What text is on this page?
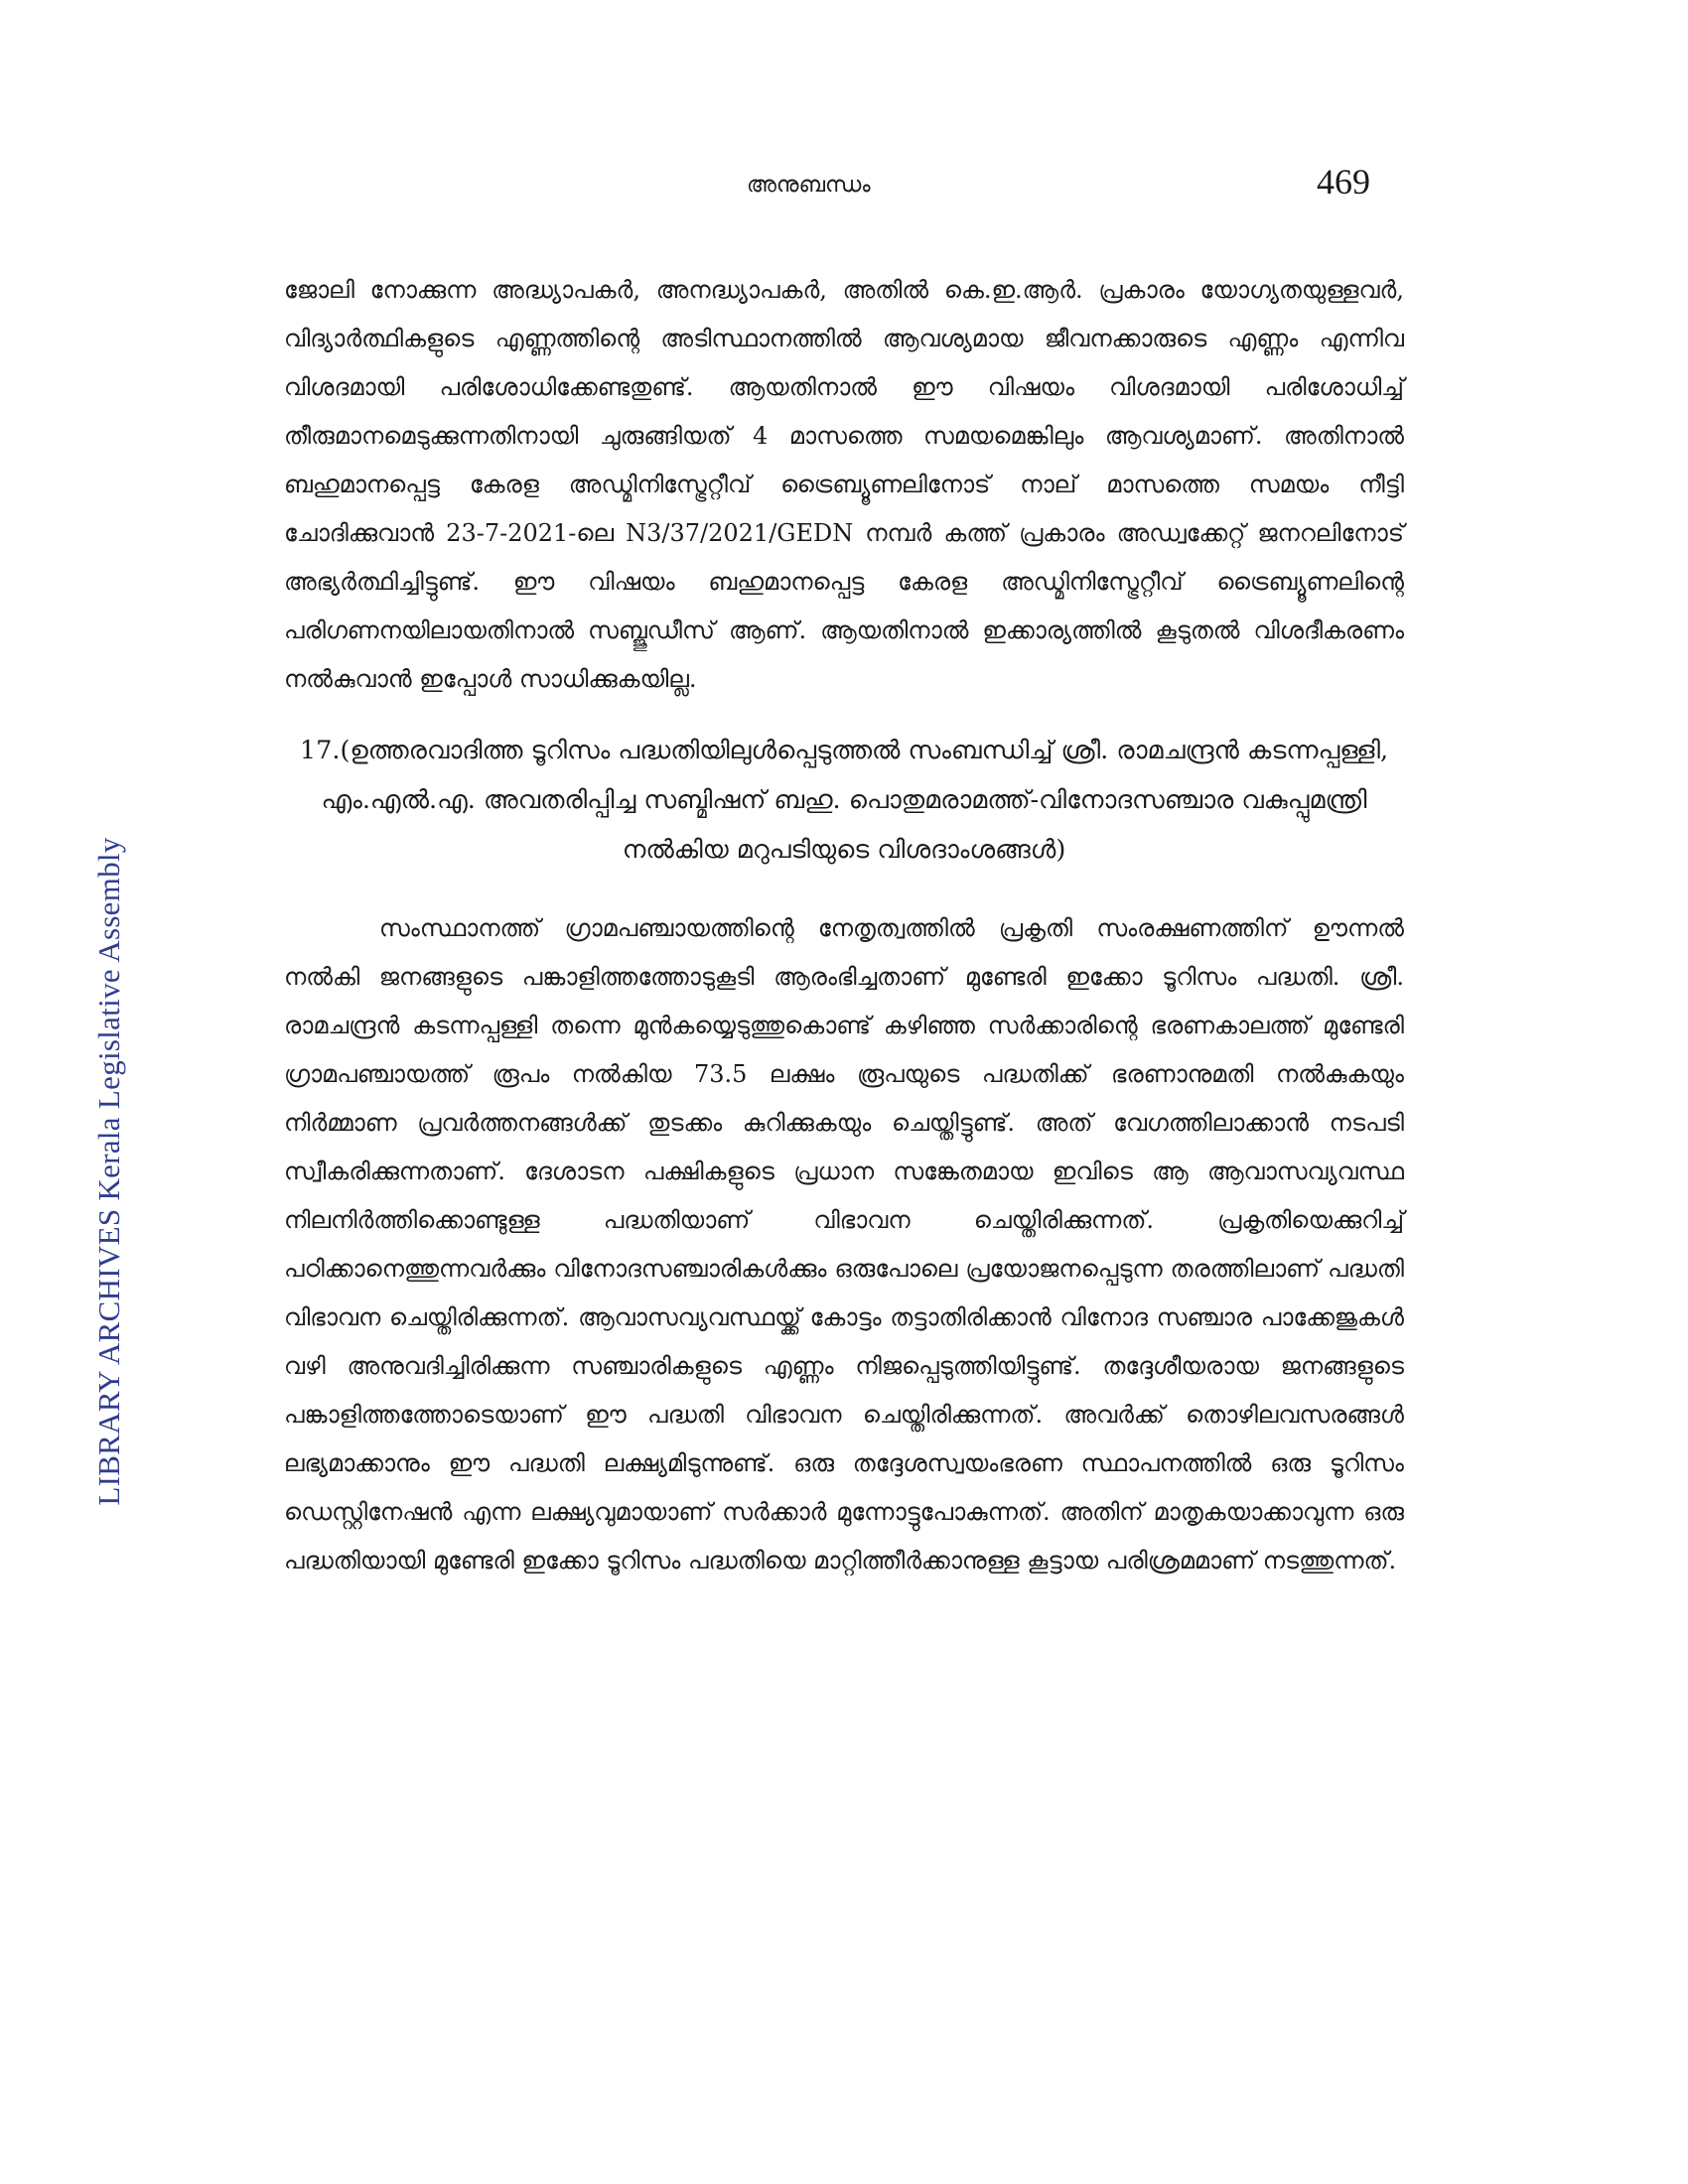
അനുബന്ധം	469
LIBRARY ARCHIVES Kerala Legislative Assembly

ജോലി നോക്കുന്ന അദ്ധ്യാപകർ, അനദ്ധ്യാപകർ, അതിൽ കെ.ഇ.ആർ. പ്രകാരം യോഗ്യതയുള്ളവർ, വിദ്യാർത്ഥികളുടെ എണ്ണത്തിന്റെ അടിസ്ഥാനത്തിൽ ആവശ്യമായ ജീവനക്കാരുടെ എണ്ണം എന്നിവ വിശദമായി പരിശോധിക്കേണ്ടതുണ്ട്. ആയതിനാൽ ഈ വിഷയം വിശദമായി പരിശോധിച്ച് തീരുമാനമെടുക്കുന്നതിനായി ചുരുങ്ങിയത് 4 മാസത്തെ സമയമെങ്കിലും ആവശ്യമാണ്. അതിനാൽ ബഹുമാനപ്പെട്ട കേരള അഡ്മിനിസ്ട്രേറ്റീവ് ട്രൈബ്യൂണലിനോട് നാല് മാസത്തെ സമയം നീട്ടി ചോദിക്കുവാൻ 23-7-2021-ലെ N3/37/2021/GEDN നമ്പർ കത്ത് പ്രകാരം അഡ്വക്കേറ്റ് ജനറലിനോട് അഭ്യർത്ഥിച്ചിട്ടുണ്ട്. ഈ വിഷയം ബഹുമാനപ്പെട്ട കേരള അഡ്മിനിസ്ട്രേറ്റീവ് ട്രൈബ്യൂണലിന്റെ പരിഗണനയിലായതിനാൽ സബ്ജുഡീസ് ആണ്. ആയതിനാൽ ഇക്കാര്യത്തിൽ കൂടുതൽ വിശദീകരണം നൽകുവാൻ ഇപ്പോൾ സാധിക്കുകയില്ല.

17.(ഉത്തരവാദിത്ത ടൂറിസം പദ്ധതിയിലുൾപ്പെടുത്തൽ സംബന്ധിച്ച് ശ്രീ. രാമചന്ദ്രൻ കടന്നപ്പള്ളി, എം.എൽ.എ. അവതരിപ്പിച്ച സബ്മിഷന് ബഹു. പൊതുമരാമത്ത്-വിനോദസഞ്ചാര വകുപ്പുമന്ത്രി നൽകിയ മറുപടിയുടെ വിശദാംശങ്ങൾ)

സംസ്ഥാനത്ത് ഗ്രാമപഞ്ചായത്തിന്റെ നേതൃത്വത്തിൽ പ്രകൃതി സംരക്ഷണത്തിന് ഊന്നൽ നൽകി ജനങ്ങളുടെ പങ്കാളിത്തത്തോടുകൂടി ആരംഭിച്ചതാണ് മുണ്ടേരി ഇക്കോ ടൂറിസം പദ്ധതി. ശ്രീ. രാമചന്ദ്രൻ കടന്നപ്പള്ളി തന്നെ മുൻകയ്യെടുത്തുകൊണ്ട് കഴിഞ്ഞ സർക്കാരിന്റെ ഭരണകാലത്ത് മുണ്ടേരി ഗ്രാമപഞ്ചായത്ത് രൂപം നൽകിയ 73.5 ലക്ഷം രൂപയുടെ പദ്ധതിക്ക് ഭരണാനുമതി നൽകുകയും നിർമ്മാണ പ്രവർത്തനങ്ങൾക്ക് തുടക്കം കുറിക്കുകയും ചെയ്തിട്ടുണ്ട്. അത് വേഗത്തിലാക്കാൻ നടപടി സ്വീകരിക്കുന്നതാണ്. ദേശാടന പക്ഷികളുടെ പ്രധാന സങ്കേതമായ ഇവിടെ ആ ആവാസവ്യവസ്ഥ നിലനിർത്തിക്കൊണ്ടുള്ള പദ്ധതിയാണ് വിഭാവന ചെയ്തിരിക്കുന്നത്. പ്രകൃതിയെക്കുറിച്ച് പഠിക്കാനെത്തുന്നവർക്കും വിനോദസഞ്ചാരികൾക്കും ഒരുപോലെ പ്രയോജനപ്പെടുന്ന തരത്തിലാണ് പദ്ധതി വിഭാവന ചെയ്തിരിക്കുന്നത്. ആവാസവ്യവസ്ഥയ്ക്ക് കോട്ടം തട്ടാതിരിക്കാൻ വിനോദ സഞ്ചാര പാക്കേജുകൾ വഴി അനുവദിച്ചിരിക്കുന്ന സഞ്ചാരികളുടെ എണ്ണം നിജപ്പെടുത്തിയിട്ടുണ്ട്. തദ്ദേശീയരായ ജനങ്ങളുടെ പങ്കാളിത്തത്തോടെയാണ് ഈ പദ്ധതി വിഭാവന ചെയ്തിരിക്കുന്നത്. അവർക്ക് തൊഴിലവസരങ്ങൾ ലഭ്യമാക്കാനും ഈ പദ്ധതി ലക്ഷ്യമിടുന്നുണ്ട്. ഒരു തദ്ദേശസ്വയംഭരണ സ്ഥാപനത്തിൽ ഒരു ടൂറിസം ഡെസ്റ്റിനേഷൻ എന്ന ലക്ഷ്യവുമായാണ് സർക്കാർ മുന്നോട്ടുപോകുന്നത്. അതിന് മാതൃകയാക്കാവുന്ന ഒരു പദ്ധതിയായി മുണ്ടേരി ഇക്കോ ടൂറിസം പദ്ധതിയെ മാറ്റിത്തീർക്കാനുള്ള കൂട്ടായ പരിശ്രമമാണ് നടത്തുന്നത്.
